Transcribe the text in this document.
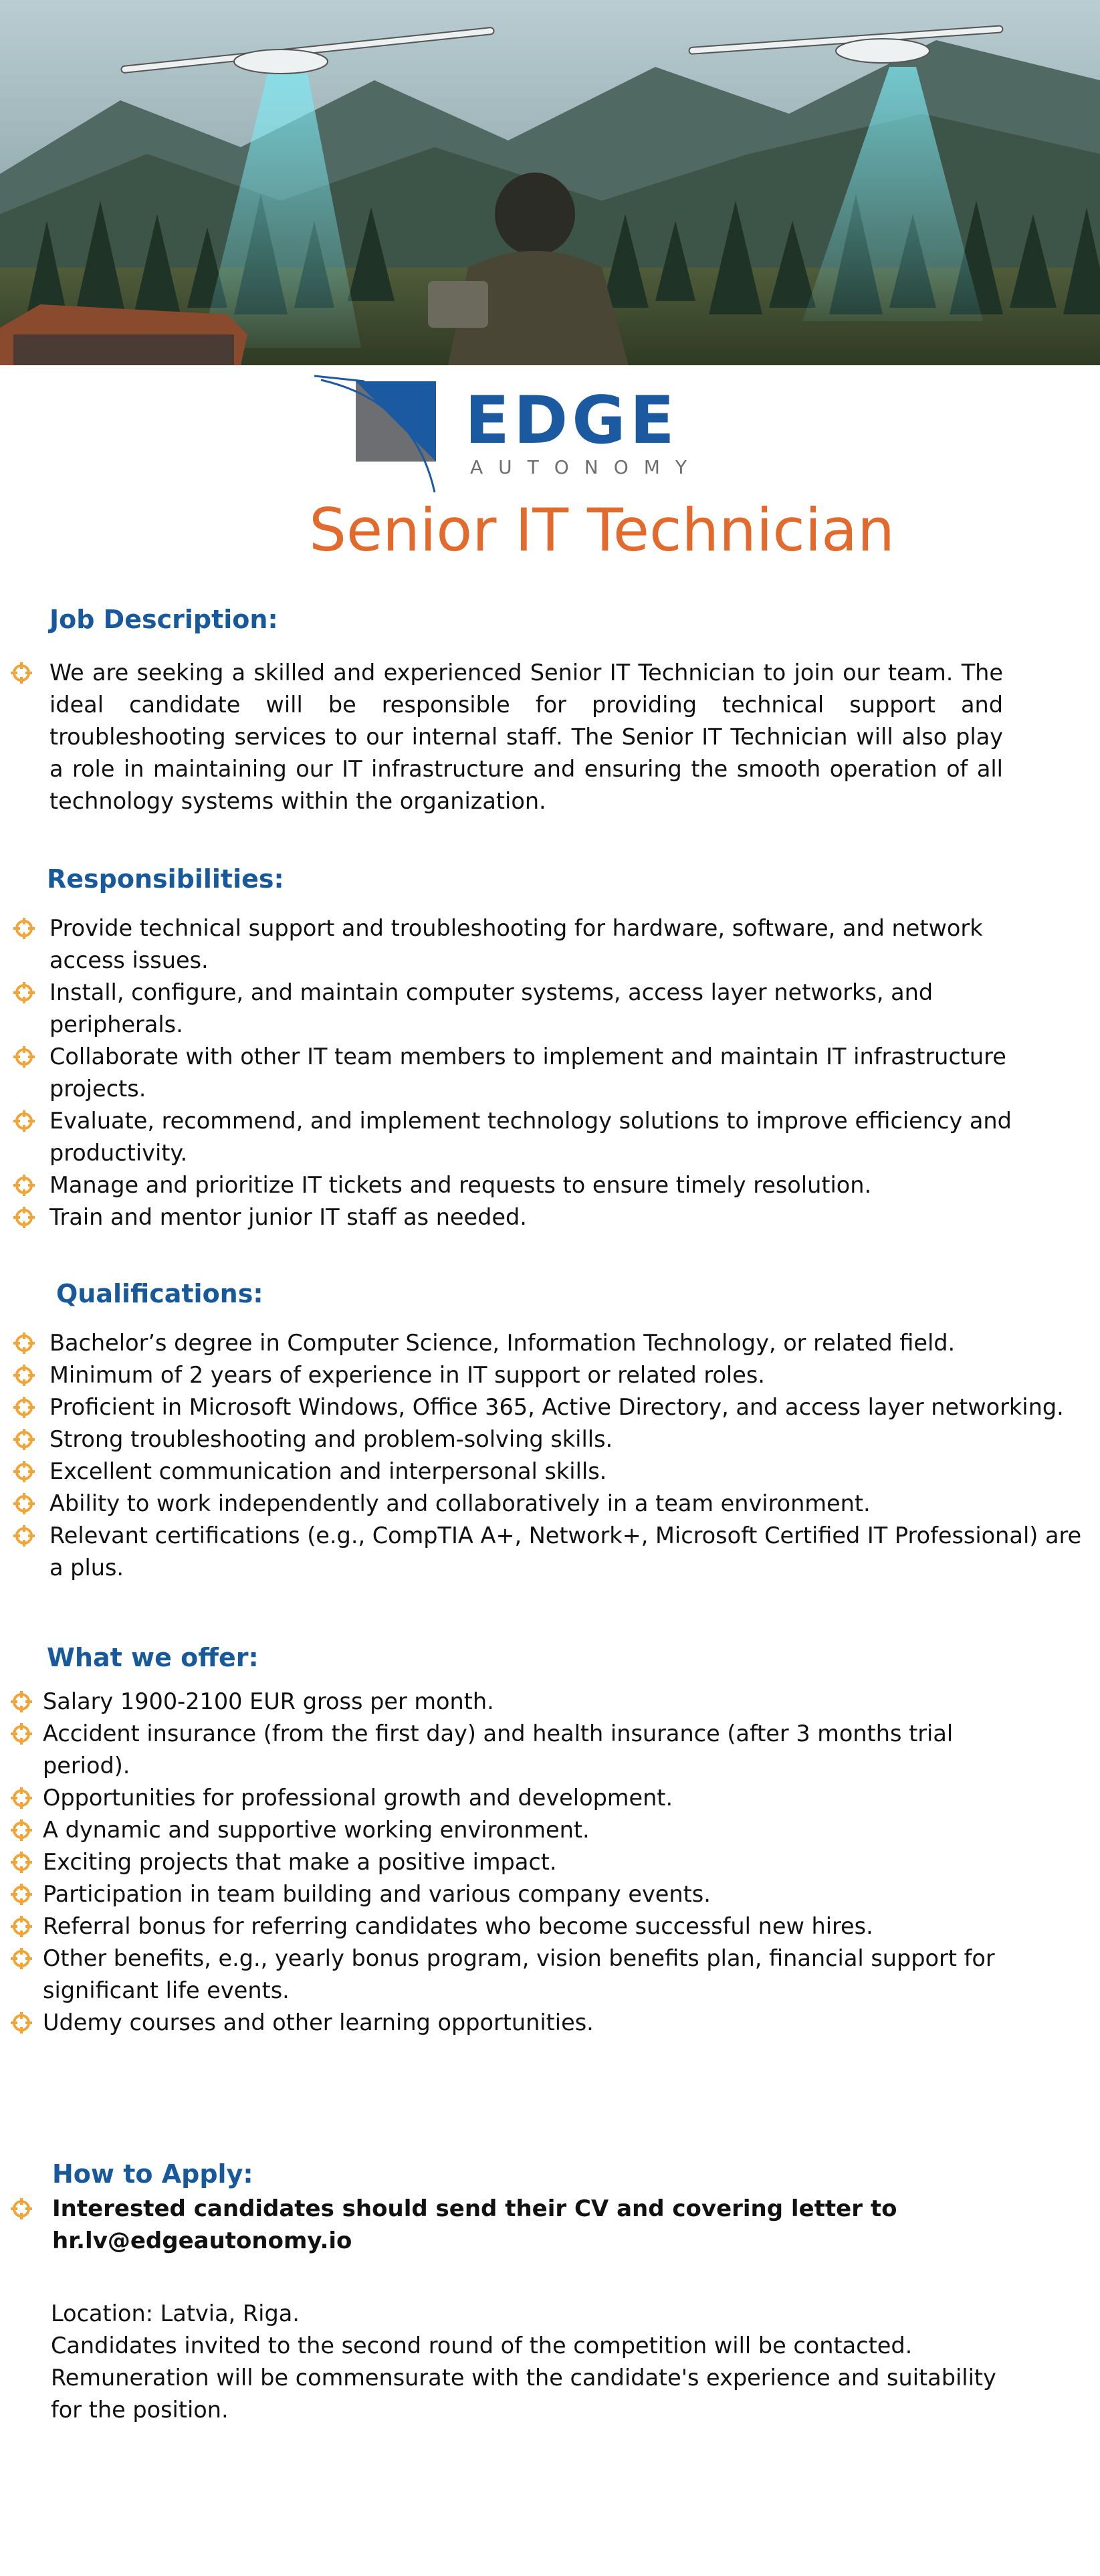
EDGE
AUTONOMY
Senior IT Technician
Job Description:

We are seeking a skilled and experienced Senior IT Technician to join our team. The ideal candidate will be responsible for providing technical support and troubleshooting services to our internal staff. The Senior IT Technician will also play a role in maintaining our IT infrastructure and ensuring the smooth operation of all technology systems within the organization.

Responsibilities:
Provide technical support and troubleshooting for hardware, software, and network access issues.
Install, configure, and maintain computer systems, access layer networks, and peripherals.
Collaborate with other IT team members to implement and maintain IT infrastructure projects.
Evaluate, recommend, and implement technology solutions to improve efficiency and productivity.
Manage and prioritize IT tickets and requests to ensure timely resolution.
Train and mentor junior IT staff as needed.
Qualifications:
Bachelor’s degree in Computer Science, Information Technology, or related field.
Minimum of 2 years of experience in IT support or related roles.
Proficient in Microsoft Windows, Office 365, Active Directory, and access layer networking.
Strong troubleshooting and problem-solving skills.
Excellent communication and interpersonal skills.
Ability to work independently and collaboratively in a team environment.
Relevant certifications (e.g., CompTIA A+, Network+, Microsoft Certified IT Professional) are a plus.
What we offer:
Salary 1900-2100 EUR gross per month.
Accident insurance (from the first day) and health insurance (after 3 months trial period).
Opportunities for professional growth and development.
A dynamic and supportive working environment.
Exciting projects that make a positive impact.
Participation in team building and various company events.
Referral bonus for referring candidates who become successful new hires.
Other benefits, e.g., yearly bonus program, vision benefits plan, financial support for significant life events.
Udemy courses and other learning opportunities.
How to Apply:

Interested candidates should send their CV and covering letter to hr.lv@edgeautonomy.io

Location: Latvia, Riga.

Candidates invited to the second round of the competition will be contacted.

Remuneration will be commensurate with the candidate's experience and suitability for the position.
